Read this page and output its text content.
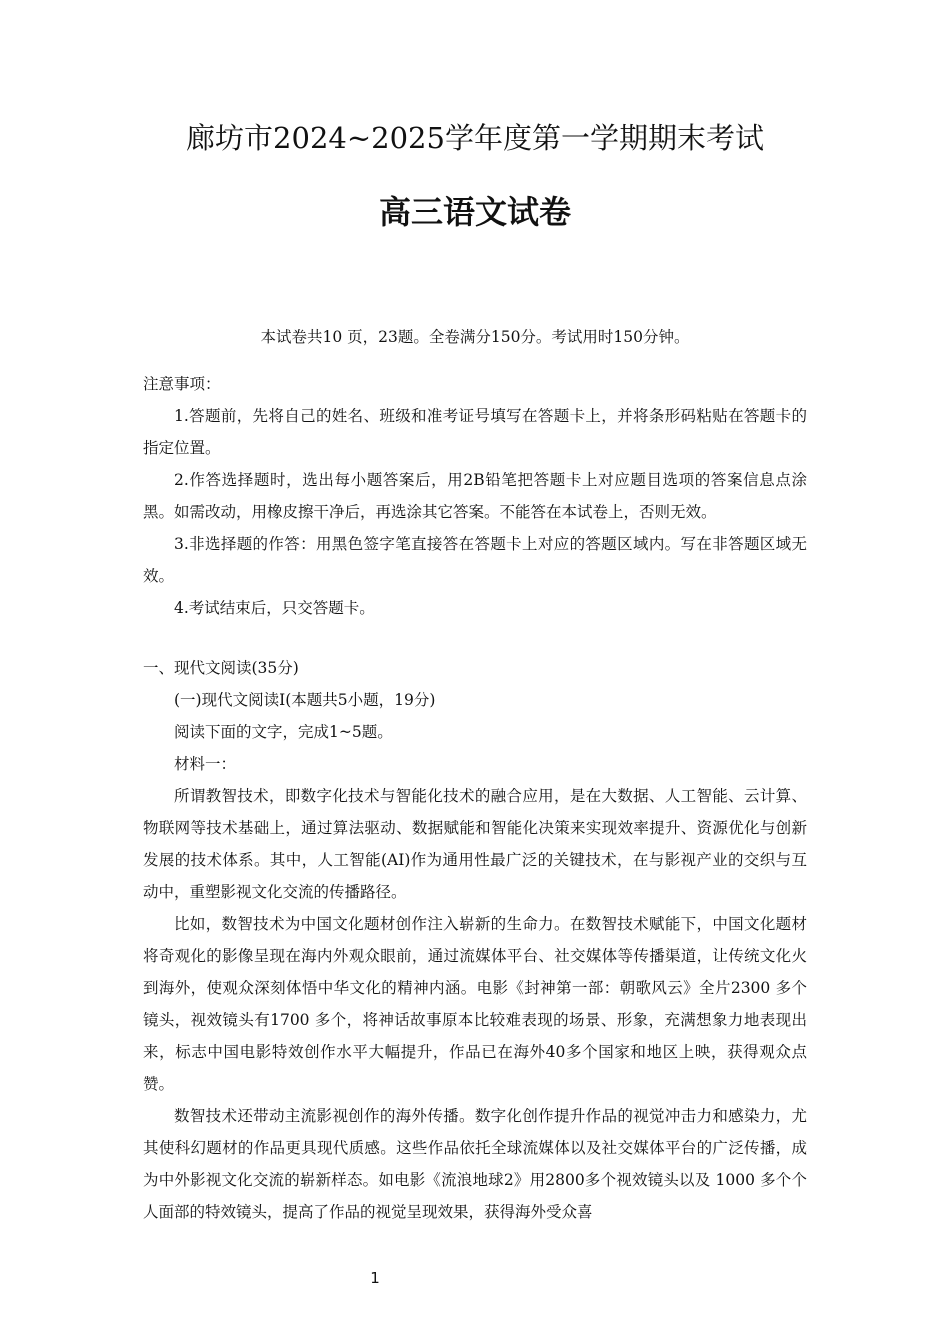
廊坊市2024~2025学年度第一学期期末考试
高三语文试卷
本试卷共10 页，23题。全卷满分150分。考试用时150分钟。

注意事项：

1.答题前，先将自己的姓名、班级和准考证号填写在答题卡上，并将条形码粘贴在答题卡的指定位置。

2.作答选择题时，选出每小题答案后，用2B铅笔把答题卡上对应题目选项的答案信息点涂黑。如需改动，用橡皮擦干净后，再选涂其它答案。不能答在本试卷上，否则无效。

3.非选择题的作答：用黑色签字笔直接答在答题卡上对应的答题区域内。写在非答题区域无效。

4.考试结束后，只交答题卡。

一、现代文阅读(35分)

(一)现代文阅读Ⅰ(本题共5小题，19分)

阅读下面的文字，完成1~5题。

材料一：

所谓教智技术，即数字化技术与智能化技术的融合应用，是在大数据、人工智能、云计算、物联网等技术基础上，通过算法驱动、数据赋能和智能化决策来实现效率提升、资源优化与创新发展的技术体系。其中，人工智能(AI)作为通用性最广泛的关键技术，在与影视产业的交织与互动中，重塑影视文化交流的传播路径。

比如，数智技术为中国文化题材创作注入崭新的生命力。在数智技术赋能下，中国文化题材将奇观化的影像呈现在海内外观众眼前，通过流媒体平台、社交媒体等传播渠道，让传统文化火到海外，使观众深刻体悟中华文化的精神内涵。电影《封神第一部：朝歌风云》全片2300 多个镜头，视效镜头有1700 多个，将神话故事原本比较难表现的场景、形象，充满想象力地表现出来，标志中国电影特效创作水平大幅提升，作品已在海外40多个国家和地区上映，获得观众点赞。

数智技术还带动主流影视创作的海外传播。数字化创作提升作品的视觉冲击力和感染力，尤其使科幻题材的作品更具现代质感。这些作品依托全球流媒体以及社交媒体平台的广泛传播，成为中外影视文化交流的崭新样态。如电影《流浪地球2》用2800多个视效镜头以及 1000 多个个人面部的特效镜头，提高了作品的视觉呈现效果，获得海外受众喜

1
